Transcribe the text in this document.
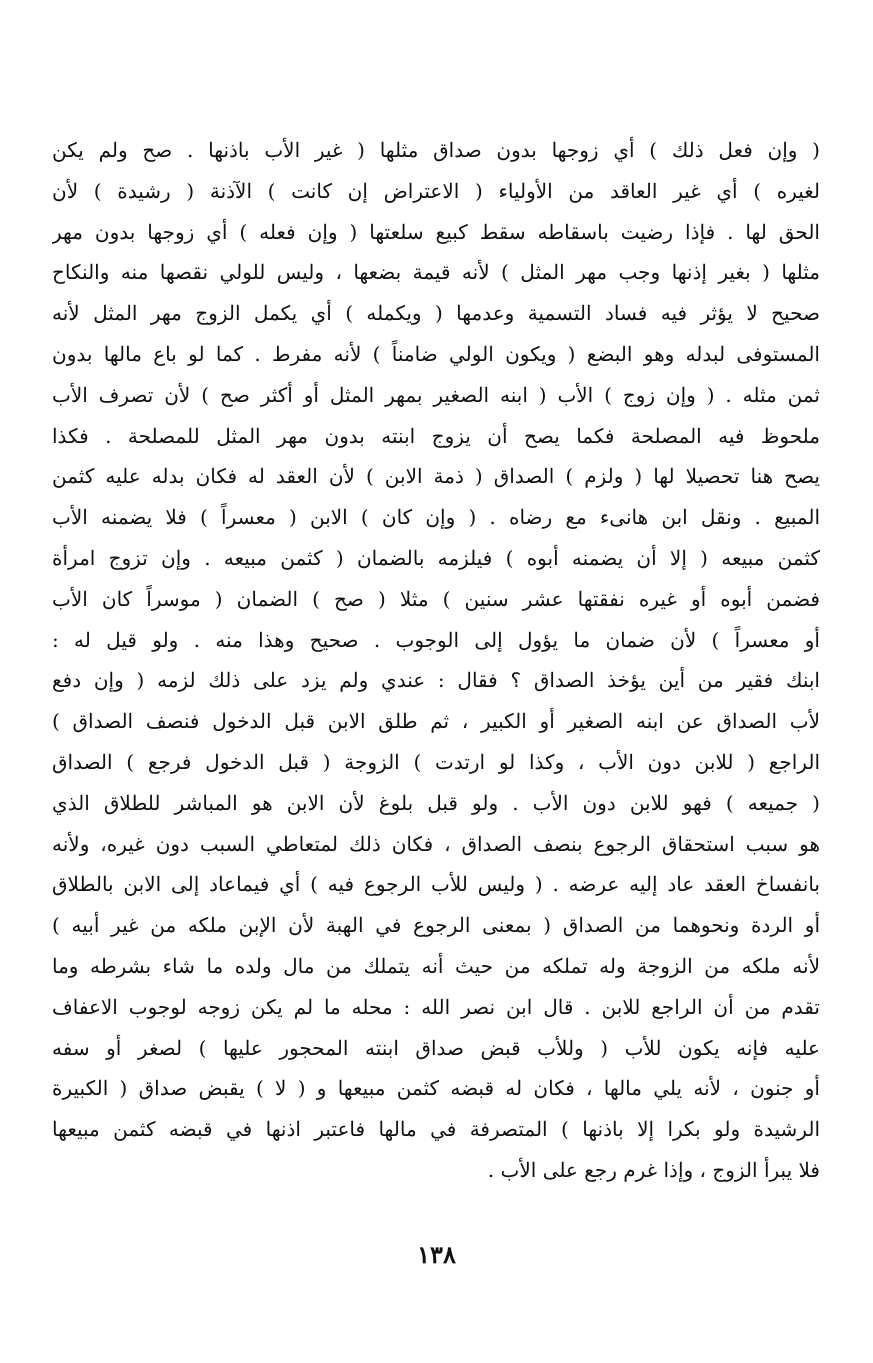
( وإن فعل ذلك ) أي زوجها بدون صداق مثلها ( غير الأب باذنها . صح ولم يكن
لغيره ) أي غير العاقد من الأولياء ( الاعتراض إن كانت ) الآذنة ( رشيدة ) لأن
الحق لها . فإذا رضيت باسقاطه سقط كبيع سلعتها ( وإن فعله ) أي زوجها بدون مهر
مثلها ( بغير إذنها وجب مهر المثل ) لأنه قيمة بضعها ، وليس للولي نقصها منه والنكاح
صحيح لا يؤثر فيه فساد التسمية وعدمها ( ويكمله ) أي يكمل الزوج مهر المثل لأنه
المستوفى لبدله وهو البضع ( ويكون الولي ضامناً ) لأنه مفرط . كما لو باع مالها بدون
ثمن مثله . ( وإن زوج ) الأب ( ابنه الصغير بمهر المثل أو أكثر صح ) لأن تصرف الأب
ملحوظ فيه المصلحة فكما يصح أن يزوج ابنته بدون مهر المثل للمصلحة . فكذا
يصح هنا تحصيلا لها ( ولزم ) الصداق ( ذمة الابن ) لأن العقد له فكان بدله عليه كثمن
المبيع . ونقل ابن هانىء مع رضاه . ( وإن كان ) الابن ( معسراً ) فلا يضمنه الأب
كثمن مبيعه ( إلا أن يضمنه أبوه ) فيلزمه بالضمان ( كثمن مبيعه . وإن تزوج امرأة
فضمن أبوه أو غيره نفقتها عشر سنين ) مثلا ( صح ) الضمان ( موسراً كان الأب
أو معسراً ) لأن ضمان ما يؤول إلى الوجوب . صحيح وهذا منه . ولو قيل له :
ابنك فقير من أين يؤخذ الصداق ؟ فقال : عندي ولم يزد على ذلك لزمه ( وإن دفع
لأب الصداق عن ابنه الصغير أو الكبير ، ثم طلق الابن قبل الدخول فنصف الصداق )
الراجع ( للابن دون الأب ، وكذا لو ارتدت ) الزوجة ( قبل الدخول فرجع ) الصداق
( جميعه ) فهو للابن دون الأب . ولو قبل بلوغ لأن الابن هو المباشر للطلاق الذي
هو سبب استحقاق الرجوع بنصف الصداق ، فكان ذلك لمتعاطي السبب دون غيره، ولأنه
بانفساخ العقد عاد إليه عرضه . ( وليس للأب الرجوع فيه ) أي فيماعاد إلى الابن بالطلاق
أو الردة ونحوهما من الصداق ( بمعنى الرجوع في الهبة لأن الإبن ملكه من غير أبيه )
لأنه ملكه من الزوجة وله تملكه من حيث أنه يتملك من مال ولده ما شاء بشرطه وما
تقدم من أن الراجع للابن . قال ابن نصر الله : محله ما لم يكن زوجه لوجوب الاعفاف
عليه فإنه يكون للأب ( وللأب قبض صداق ابنته المحجور عليها ) لصغر أو سفه
أو جنون ، لأنه يلي مالها ، فكان له قبضه كثمن مبيعها و ( لا ) يقبض صداق ( الكبيرة
الرشيدة ولو بكرا إلا باذنها ) المتصرفة في مالها فاعتبر اذنها في قبضه كثمن مبيعها
فلا يبرأ الزوج ، وإذا غرم رجع على الأب .
١٣٨
